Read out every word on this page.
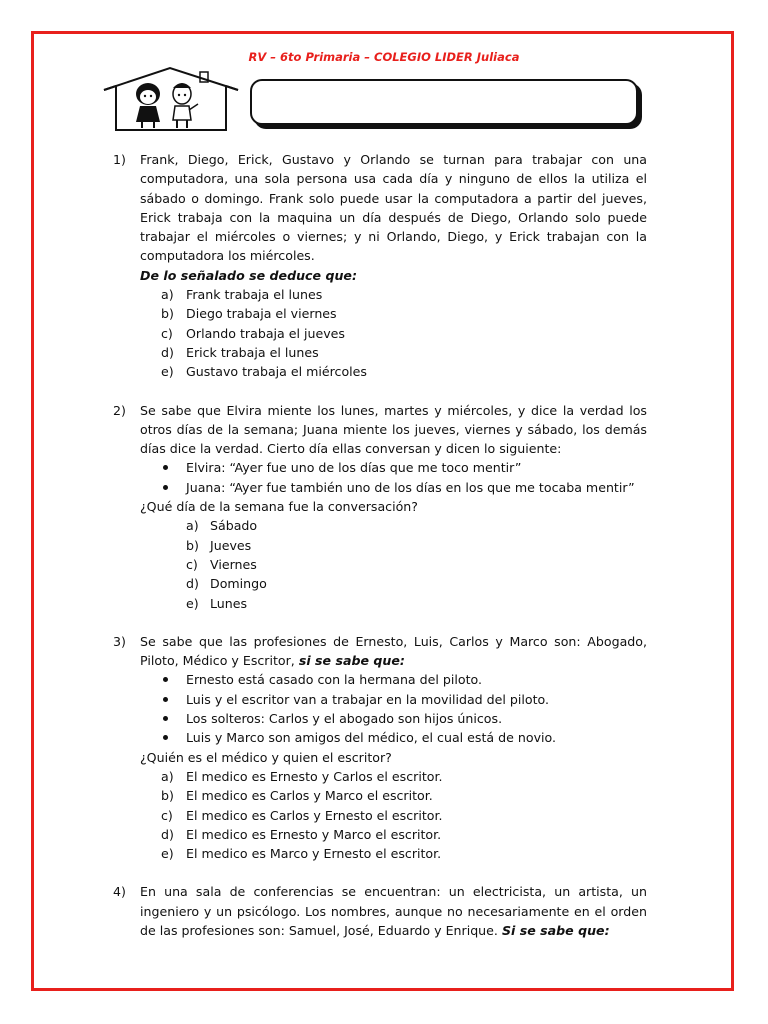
RV – 6to Primaria – COLEGIO LIDER Juliaca
1) Frank, Diego, Erick, Gustavo y Orlando se turnan para trabajar con una computadora, una sola persona usa cada día y ninguno de ellos la utiliza el sábado o domingo. Frank solo puede usar la computadora a partir del jueves, Erick trabaja con la maquina un día después de Diego, Orlando solo puede trabajar el miércoles o viernes; y ni Orlando, Diego, y Erick trabajan con la computadora los miércoles.
De lo señalado se deduce que:
a) Frank trabaja el lunes
b) Diego trabaja el viernes
c) Orlando trabaja el jueves
d) Erick trabaja el lunes
e) Gustavo trabaja el miércoles
2) Se sabe que Elvira miente los lunes, martes y miércoles, y dice la verdad los otros días de la semana; Juana miente los jueves, viernes y sábado, los demás días dice la verdad. Cierto día ellas conversan y dicen lo siguiente:
Elvira: “Ayer fue uno de los días que me toco mentir”
Juana: “Ayer fue también uno de los días en los que me tocaba mentir”
¿Qué día de la semana fue la conversación?
a) Sábado
b) Jueves
c) Viernes
d) Domingo
e) Lunes
3) Se sabe que las profesiones de Ernesto, Luis, Carlos y Marco son: Abogado, Piloto, Médico y Escritor, si se sabe que:
Ernesto está casado con la hermana del piloto.
Luis y el escritor van a trabajar en la movilidad del piloto.
Los solteros: Carlos y el abogado son hijos únicos.
Luis y Marco son amigos del médico, el cual está de novio.
¿Quién es el médico y quien el escritor?
a) El medico es Ernesto y Carlos el escritor.
b) El medico es Carlos y Marco el escritor.
c) El medico es Carlos y Ernesto el escritor.
d) El medico es Ernesto y Marco el escritor.
e) El medico es Marco y Ernesto el escritor.
4) En una sala de conferencias se encuentran: un electricista, un artista, un ingeniero y un psicólogo. Los nombres, aunque no necesariamente en el orden de las profesiones son: Samuel, José, Eduardo y Enrique. Si se sabe que:
